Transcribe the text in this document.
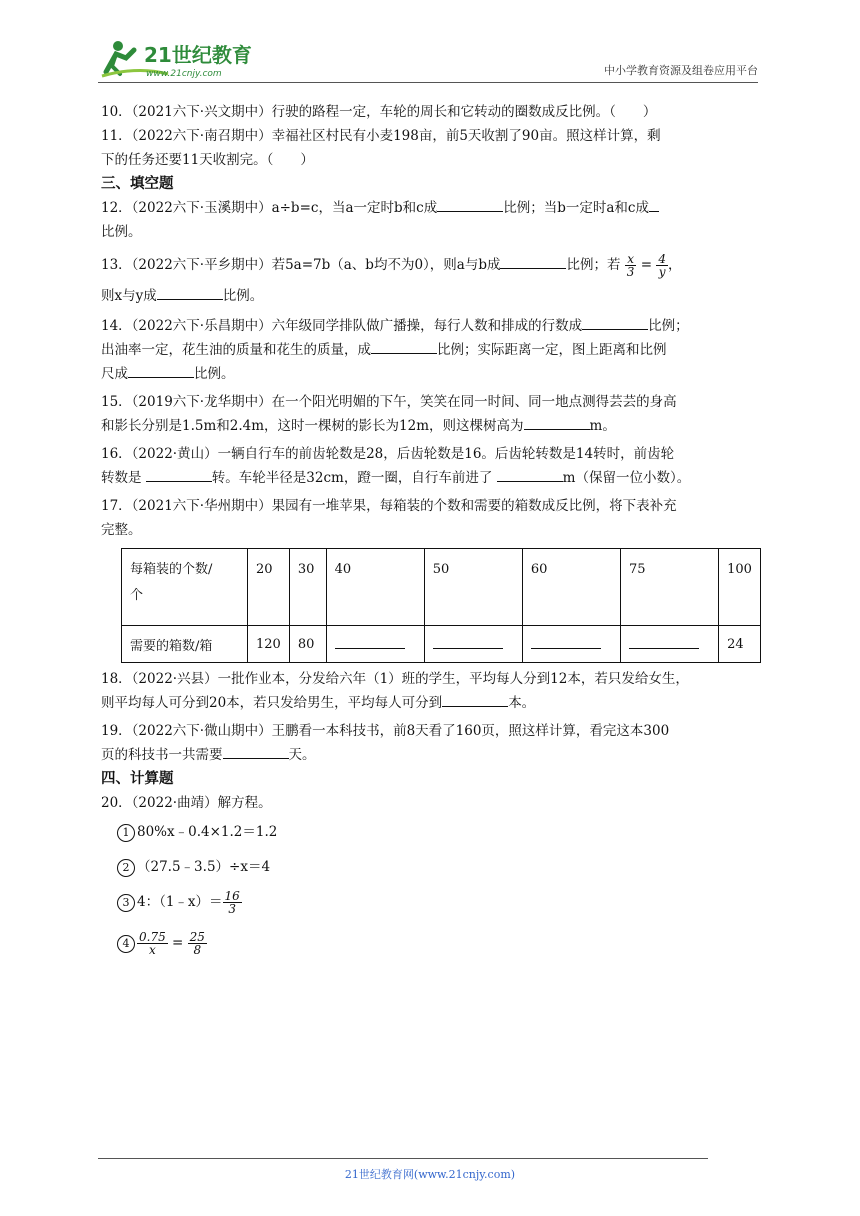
21世纪教育
www.21cnjy.com	中小学教育资源及组卷应用平台
10．（2021六下·兴文期中）行驶的路程一定，车轮的周长和它转动的圈数成反比例。（　　）
11．（2022六下·南召期中）幸福社区村民有小麦198亩，前5天收割了90亩。照这样计算，剩
下的任务还要11天收割完。（　　）
三、填空题
12．（2022六下·玉溪期中）a÷b=c，当a一定时b和c成	比例；当b一定时a和c成
比例。
13．（2022六下·平乡期中）若5a=7b（a、b均不为0），则a与b成	比例；若 $\frac{x}{3} = \frac{4}{y}$ ，
则x与y成	比例。
14．（2022六下·乐昌期中）六年级同学排队做广播操，每行人数和排成的行数成	比例；
出油率一定，花生油的质量和花生的质量，成	比例；实际距离一定，图上距离和比例
尺成	比例。
15．（2019六下·龙华期中）在一个阳光明媚的下午，笑笑在同一时间、同一地点测得芸芸的身高
和影长分别是1.5m和2.4m，这时一棵树的影长为12m，则这棵树高为	m。
16．（2022·黄山）一辆自行车的前齿轮数是28，后齿轮数是16。后齿轮转数是14转时，前齿轮
转数是	转。车轮半径是32cm，蹬一圈，自行车前进了	m（保留一位小数）。
17．（2021六下·华州期中）果园有一堆苹果，每箱装的个数和需要的箱数成反比例，将下表补充
完整。
每箱装的个数/
个	20	30	40	50	60	75	100
需要的箱数/箱	120	80					24
18．（2022·兴县）一批作业本，分发给六年（1）班的学生，平均每人分到12本，若只发给女生，
则平均每人可分到20本，若只发给男生，平均每人可分到	本。
19．（2022六下·微山期中）王鹏看一本科技书，前8天看了160页，照这样计算，看完这本300
页的科技书一共需要	天。
四、计算题
20．（2022·曲靖）解方程。
1 80%x﹣0.4×1.2＝1.2
2 （27.5﹣3.5）÷x＝4
3 4：（1﹣x）＝ $\frac{16}{3}$
$4 \frac{0.75}{x} = \frac{25}{8}$
21世纪教育网(www.21cnjy.com)
